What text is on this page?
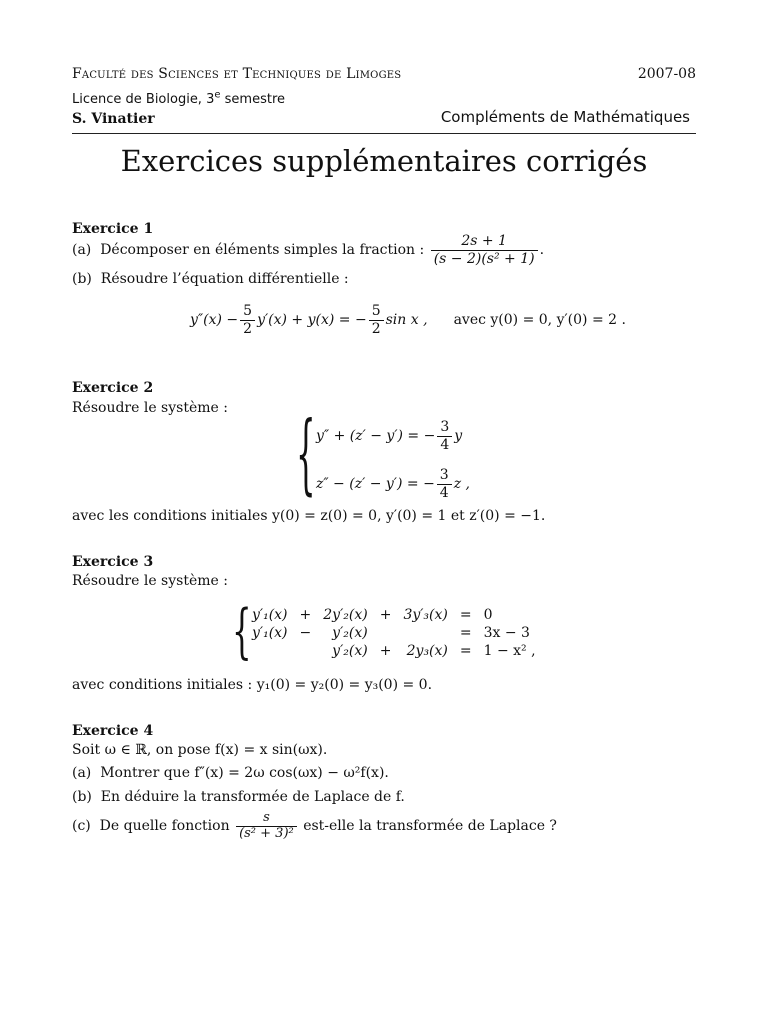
Faculté des Sciences et Techniques de Limoges	2007-08
Licence de Biologie, 3e semestre
S. Vinatier	Compléments de Mathématiques
Exercices supplémentaires corrigés
Exercice 1
(a)
Décomposer en éléments simples la fraction :
$\frac{2s + 1}{\text{(s − 2)(s² + 1)}}$ .
(b) Résoudre l’équation différentielle :
$y''(x) - \frac{5}{2} y'(x) + y(x)$ = − $\frac{5}{2}$ sin x , avec y(0) = 0, y′(0) = 2 .
Exercice 2
Résoudre le système : { y″ + (z′ − y′) = − $\frac{3}{4}$ y
z″ − (z′ − y′) = − $\frac{3}{4}$ z ,
avec les conditions initiales y(0) = z(0) = 0, y′(0) = 1 et z′(0) = −1.
Exercice 3
Résoudre le système :
{ y′₁(x)	+	2y′₂(x)	+	3y′₃(x)	=	0
y′₁(x)	−	y′₂(x)			=	3x − 3
		y′₂(x)	+	2y₃(x)	=	1 − x² ,
avec conditions initiales : y₁(0) = y₂(0) = y₃(0) = 0.
Exercice 4
Soit ω ∈ ℝ, on pose f(x) = x sin(ωx).
(a) Montrer que f″(x) = 2ω cos(ωx) − ω²f(x).
(b) En déduire la transformée de Laplace de f.
(c)
De quelle fonction
$\frac{s}{\text{(s² + 3)²}}$
est-elle la transformée de Laplace ?
